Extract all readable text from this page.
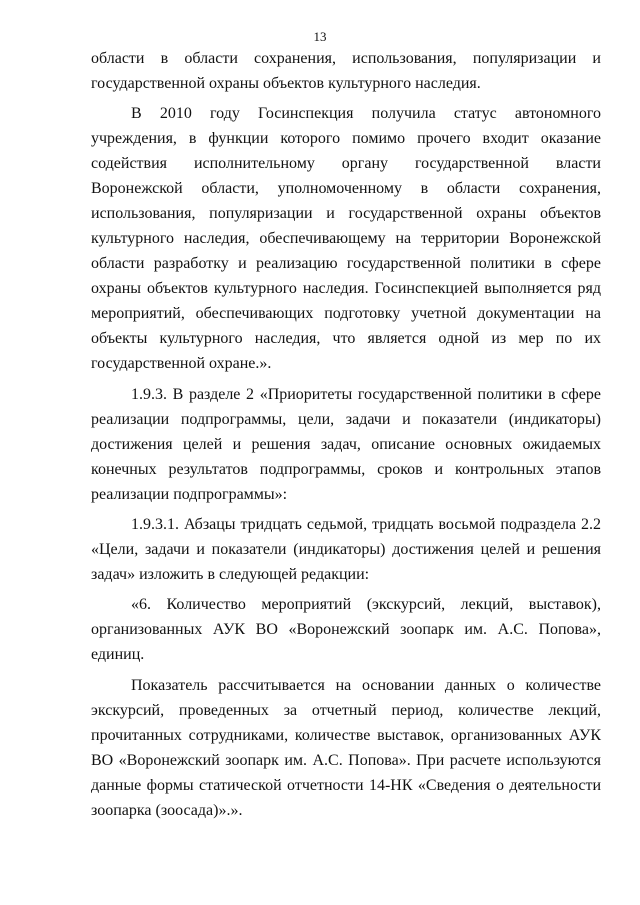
13

области в области сохранения, использования, популяризации и государственной охраны объектов культурного наследия.

В 2010 году Госинспекция получила статус автономного учреждения, в функции которого помимо прочего входит оказание содействия исполнительному органу государственной власти Воронежской области, уполномоченному в области сохранения, использования, популяризации и государственной охраны объектов культурного наследия, обеспечивающему на территории Воронежской области разработку и реализацию государственной политики в сфере охраны объектов культурного наследия. Госинспекцией выполняется ряд мероприятий, обеспечивающих подготовку учетной документации на объекты культурного наследия, что является одной из мер по их государственной охране.».

1.9.3. В разделе 2 «Приоритеты государственной политики в сфере реализации подпрограммы, цели, задачи и показатели (индикаторы) достижения целей и решения задач, описание основных ожидаемых конечных результатов подпрограммы, сроков и контрольных этапов реализации подпрограммы»:

1.9.3.1. Абзацы тридцать седьмой, тридцать восьмой подраздела 2.2 «Цели, задачи и показатели (индикаторы) достижения целей и решения задач» изложить в следующей редакции:

«6. Количество мероприятий (экскурсий, лекций, выставок), организованных АУК ВО «Воронежский зоопарк им. А.С. Попова», единиц.

Показатель рассчитывается на основании данных о количестве экскурсий, проведенных за отчетный период, количестве лекций, прочитанных сотрудниками, количестве выставок, организованных АУК ВО «Воронежский зоопарк им. А.С. Попова». При расчете используются данные формы статической отчетности 14-НК «Сведения о деятельности зоопарка (зоосада)».».
